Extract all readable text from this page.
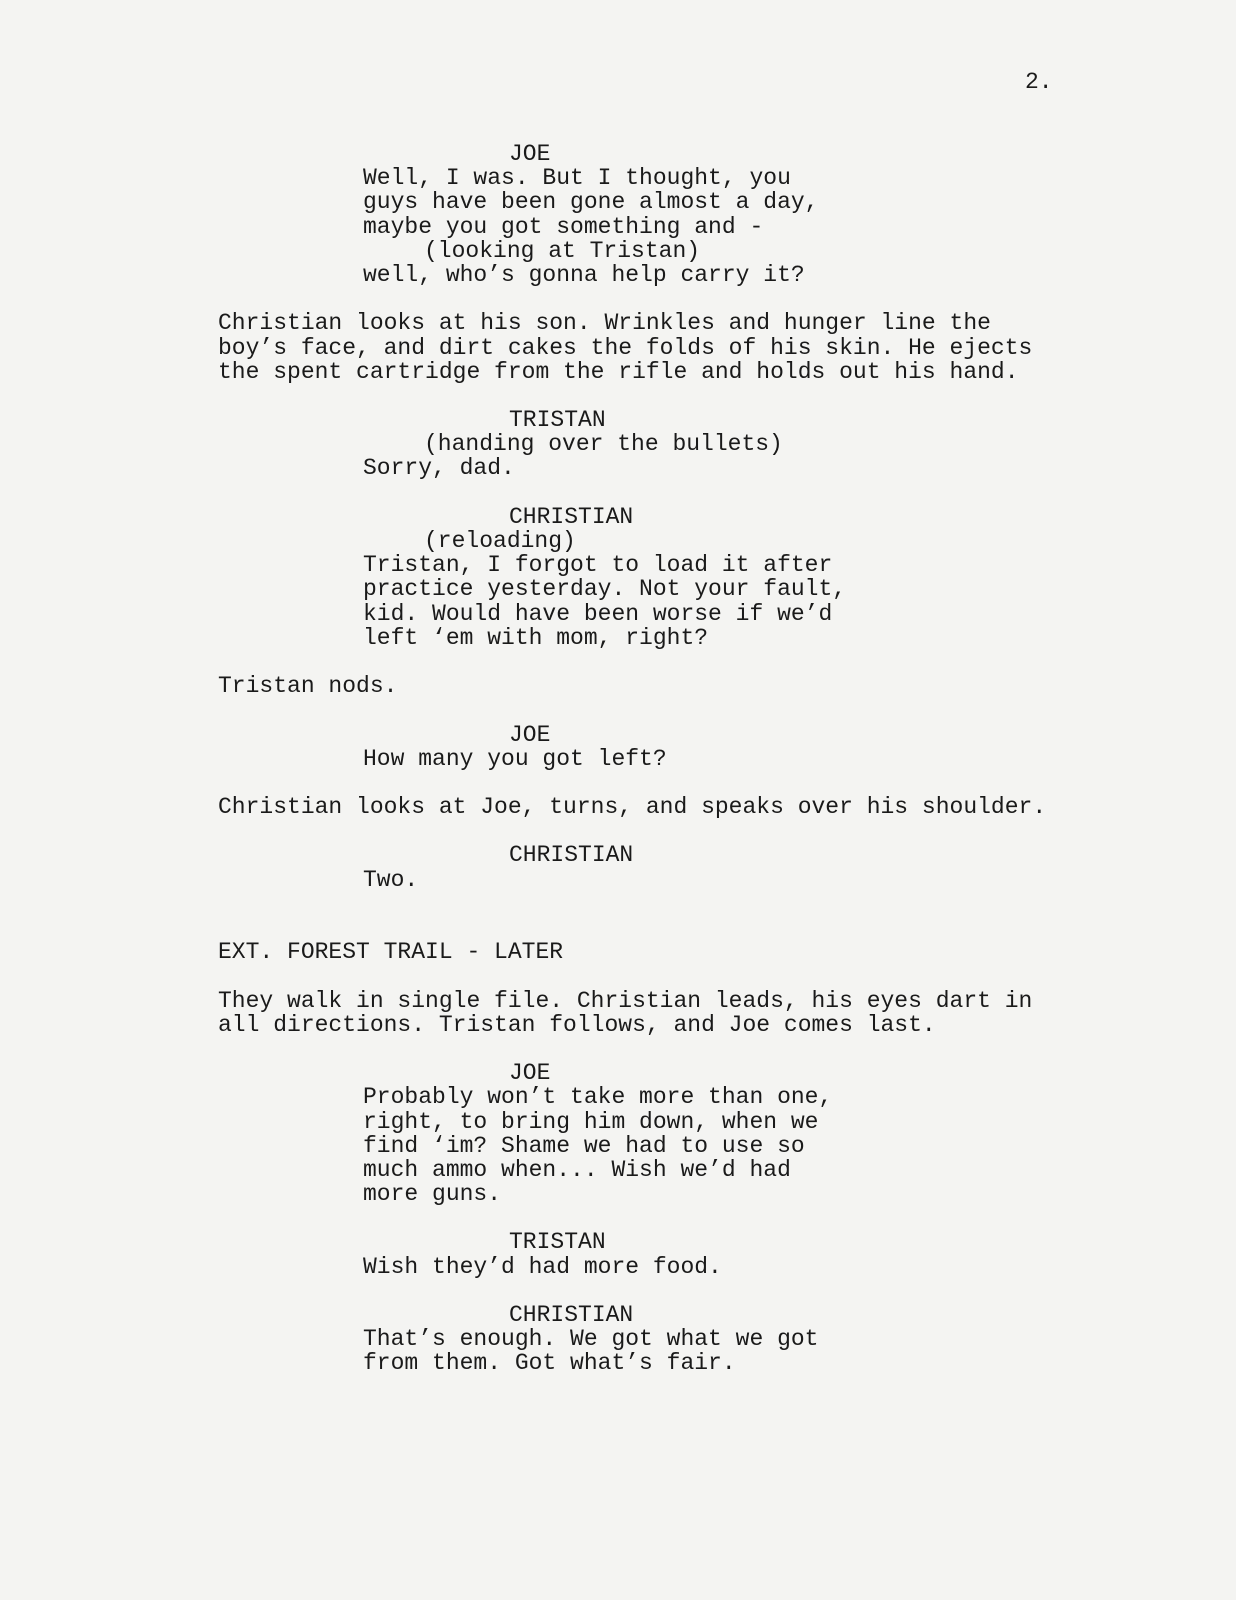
2.
JOE
Well, I was. But I thought, you
guys have been gone almost a day,
maybe you got something and -
(looking at Tristan)
well, who’s gonna help carry it?
Christian looks at his son. Wrinkles and hunger line the
boy’s face, and dirt cakes the folds of his skin. He ejects
the spent cartridge from the rifle and holds out his hand.
TRISTAN
(handing over the bullets)
Sorry, dad.
CHRISTIAN
(reloading)
Tristan, I forgot to load it after
practice yesterday. Not your fault,
kid. Would have been worse if we’d
left ‘em with mom, right?
Tristan nods.
JOE
How many you got left?
Christian looks at Joe, turns, and speaks over his shoulder.
CHRISTIAN
Two.
EXT. FOREST TRAIL - LATER
They walk in single file. Christian leads, his eyes dart in
all directions. Tristan follows, and Joe comes last.
JOE
Probably won’t take more than one,
right, to bring him down, when we
find ‘im? Shame we had to use so
much ammo when... Wish we’d had
more guns.
TRISTAN
Wish they’d had more food.
CHRISTIAN
That’s enough. We got what we got
from them. Got what’s fair.
